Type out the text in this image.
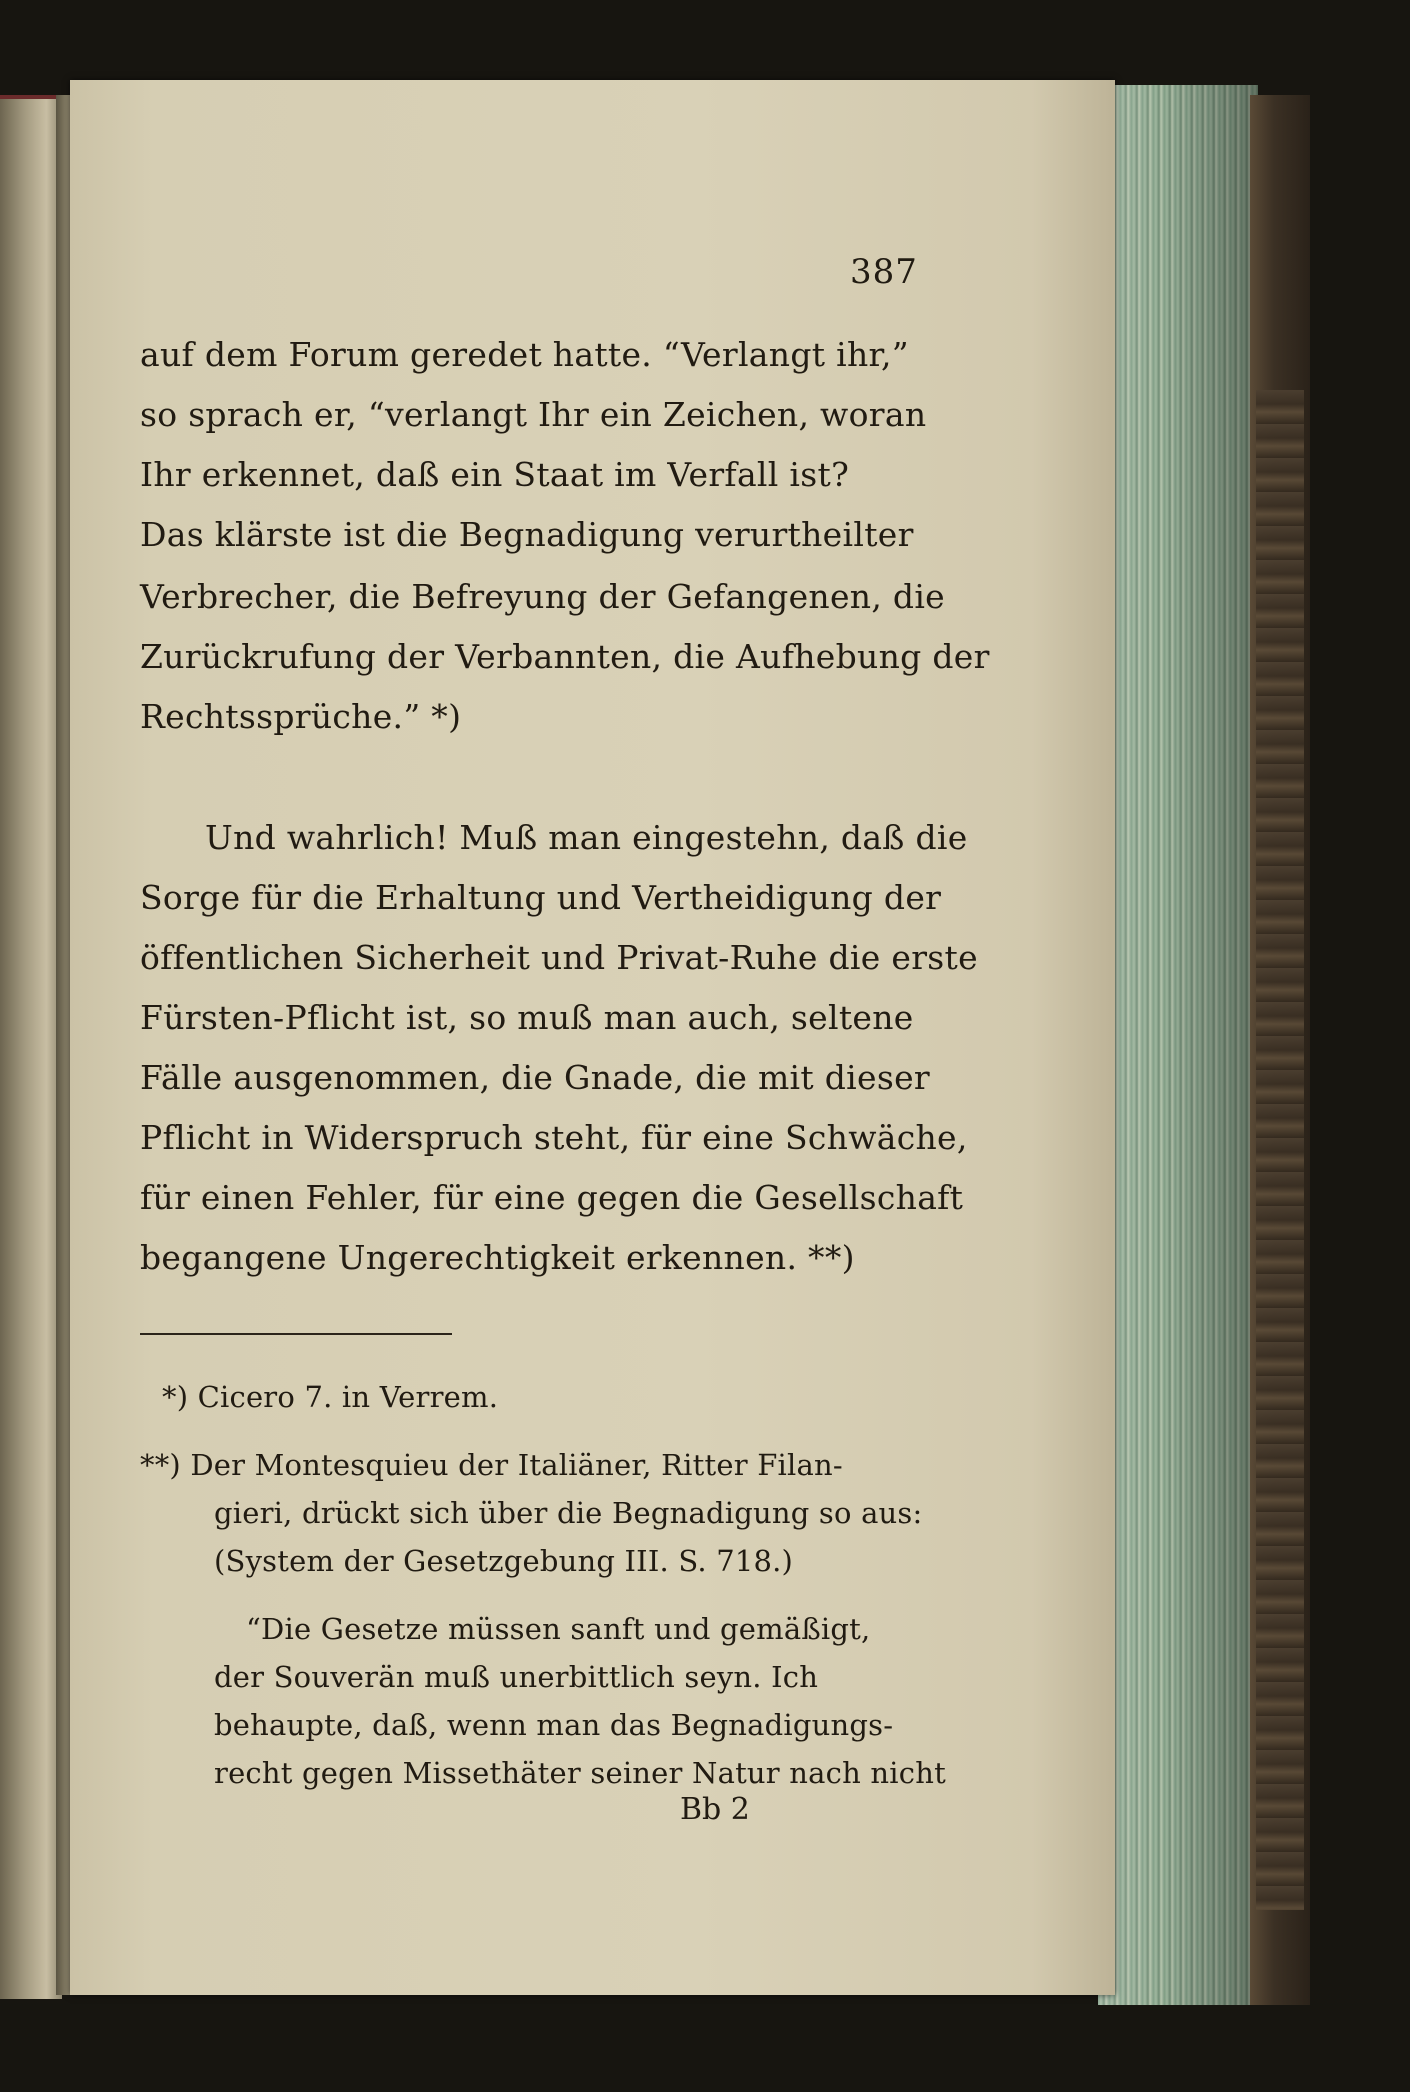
387
auf dem Forum geredet hatte. “Verlangt ihr,”
so sprach er, “verlangt Ihr ein Zeichen, woran
Ihr erkennet, daß ein Staat im Verfall ist?
Das klärste ist die Begnadigung verurtheilter
Verbrecher, die Befreyung der Gefangenen, die
Zurückrufung der Verbannten, die Aufhebung der
Rechtssprüche.” *)
Und wahrlich! Muß man eingestehn, daß die
Sorge für die Erhaltung und Vertheidigung der
öffentlichen Sicherheit und Privat-Ruhe die erste
Fürsten-Pflicht ist, so muß man auch, seltene
Fälle ausgenommen, die Gnade, die mit dieser
Pflicht in Widerspruch steht, für eine Schwäche,
für einen Fehler, für eine gegen die Gesellschaft
begangene Ungerechtigkeit erkennen. **)
*) Cicero 7. in Verrem.
**) Der Montesquieu der Italiäner, Ritter Filan-
gieri, drückt sich über die Begnadigung so aus:
(System der Gesetzgebung III. S. 718.)
“Die Gesetze müssen sanft und gemäßigt,
der Souverän muß unerbittlich seyn. Ich
behaupte, daß, wenn man das Begnadigungs-
recht gegen Missethäter seiner Natur nach nicht
Bb 2
